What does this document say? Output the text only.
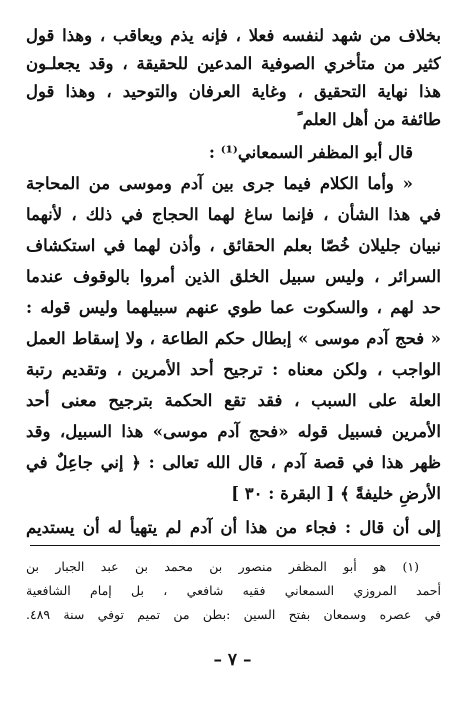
بخلاف من شهد لنفسه فعلا ، فإنه يذم ويعاقب ، وهذا قول
كثير من متأخري الصوفية المدعين للحقيقة ، وقد يجعلـون
هذا نهاية التحقيق ، وغاية العرفان والتوحيد ، وهذا قول
طائفة من أهل العلم ً
قال أبو المظفر السمعاني⁽¹⁾ :
« وأما الكلام فيما جرى بين آدم وموسى من المحاجة
في هذا الشأن ، فإنما ساغ لهما الحجاج في ذلك ، لأنهما
نبيان جليلان خُصّا بعلم الحقائق ، وأذن لهما في استكشاف
السرائر ، وليس سبيل الخلق الذين أمروا بالوقوف عندما
حد لهم ، والسكوت عما طوي عنهم سبيلهما وليس قوله :
« فحج آدم موسى » إبطال حكم الطاعة ، ولا إسقاط العمل
الواجب ، ولكن معناه : ترجيح أحد الأمرين ، وتقديم رتبة
العلة على السبب ، فقد تقع الحكمة بترجيح معنى أحد
الأمرين فسبيل قوله «فحج آدم موسى» هذا السبيل، وقد
ظهر هذا في قصة آدم ، قال الله تعالى : ﴿ إني جاعِلٌ في
الأرضِ خليفةً ﴾ [ البقرة : ٣٠ ]
إلى أن قال : فجاء من هذا أن آدم لم يتهيأ له أن يستديم
(١) هو أبو المظفر منصور بن محمد بن عبد الجبار بن
أحمد المروزي السمعاني فقيه شافعي ، بل إمام الشافعية
في عصره وسمعان بفتح السين :بطن من تميم توفي سنة ٤٨٩.
– ٧ –
